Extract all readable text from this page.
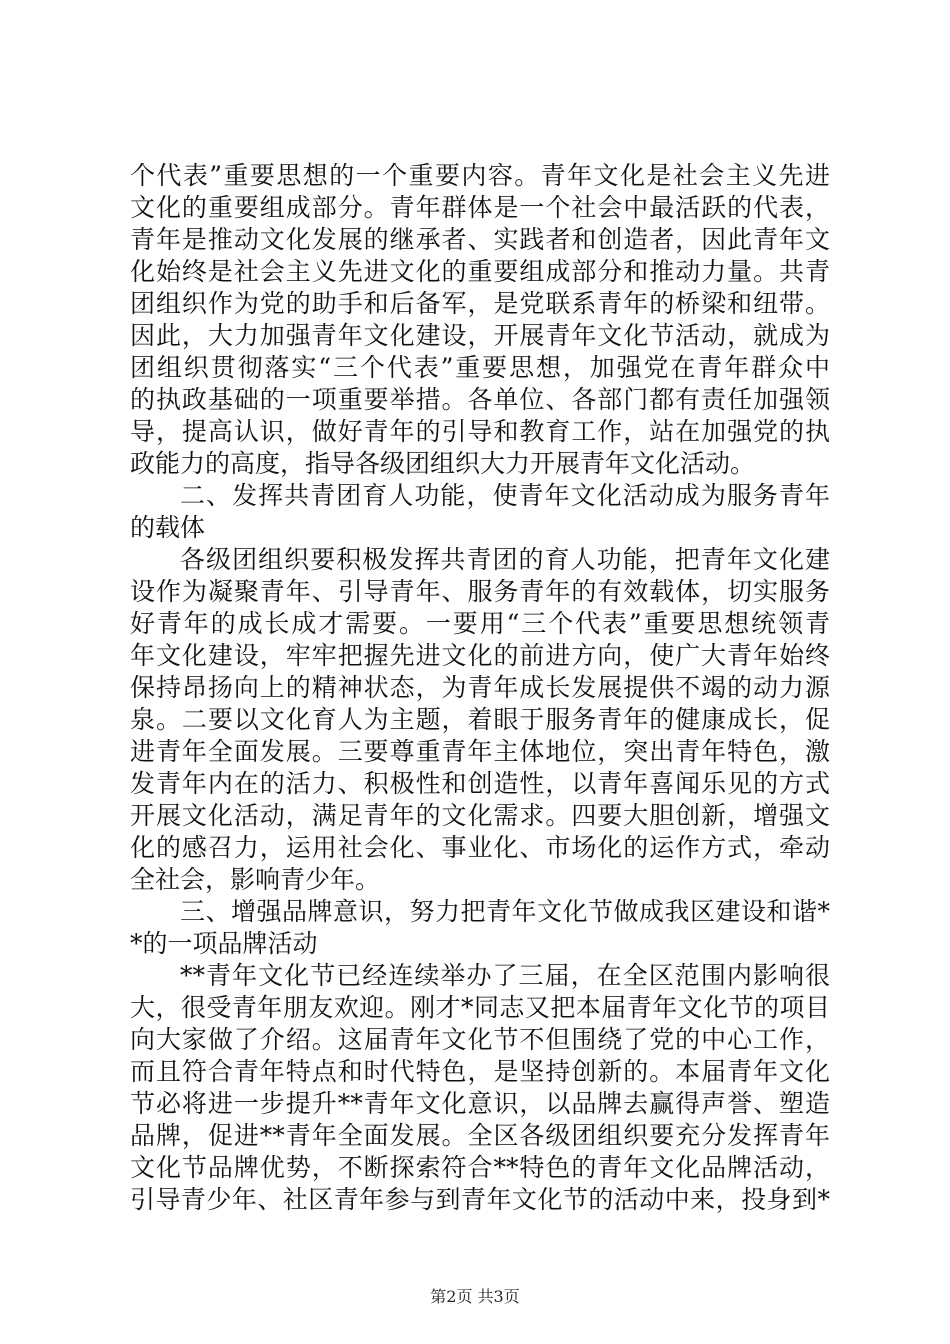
个代表”重要思想的一个重要内容。青年文化是社会主义先进
文化的重要组成部分。青年群体是一个社会中最活跃的代表，
青年是推动文化发展的继承者、实践者和创造者，因此青年文
化始终是社会主义先进文化的重要组成部分和推动力量。共青
团组织作为党的助手和后备军，是党联系青年的桥梁和纽带。
因此，大力加强青年文化建设，开展青年文化节活动，就成为
团组织贯彻落实“三个代表”重要思想，加强党在青年群众中
的执政基础的一项重要举措。各单位、各部门都有责任加强领
导，提高认识，做好青年的引导和教育工作，站在加强党的执
政能力的高度，指导各级团组织大力开展青年文化活动。
二、发挥共青团育人功能，使青年文化活动成为服务青年
的载体
各级团组织要积极发挥共青团的育人功能，把青年文化建
设作为凝聚青年、引导青年、服务青年的有效载体，切实服务
好青年的成长成才需要。一要用“三个代表”重要思想统领青
年文化建设，牢牢把握先进文化的前进方向，使广大青年始终
保持昂扬向上的精神状态，为青年成长发展提供不竭的动力源
泉。二要以文化育人为主题，着眼于服务青年的健康成长，促
进青年全面发展。三要尊重青年主体地位，突出青年特色，激
发青年内在的活力、积极性和创造性，以青年喜闻乐见的方式
开展文化活动，满足青年的文化需求。四要大胆创新，增强文
化的感召力，运用社会化、事业化、市场化的运作方式，牵动
全社会，影响青少年。
三、增强品牌意识，努力把青年文化节做成我区建设和谐*
*的一项品牌活动
**青年文化节已经连续举办了三届，在全区范围内影响很
大，很受青年朋友欢迎。刚才*同志又把本届青年文化节的项目
向大家做了介绍。这届青年文化节不但围绕了党的中心工作，
而且符合青年特点和时代特色，是坚持创新的。本届青年文化
节必将进一步提升**青年文化意识，以品牌去赢得声誉、塑造
品牌，促进**青年全面发展。全区各级团组织要充分发挥青年
文化节品牌优势，不断探索符合**特色的青年文化品牌活动，
引导青少年、社区青年参与到青年文化节的活动中来，投身到*
第2页 共3页
